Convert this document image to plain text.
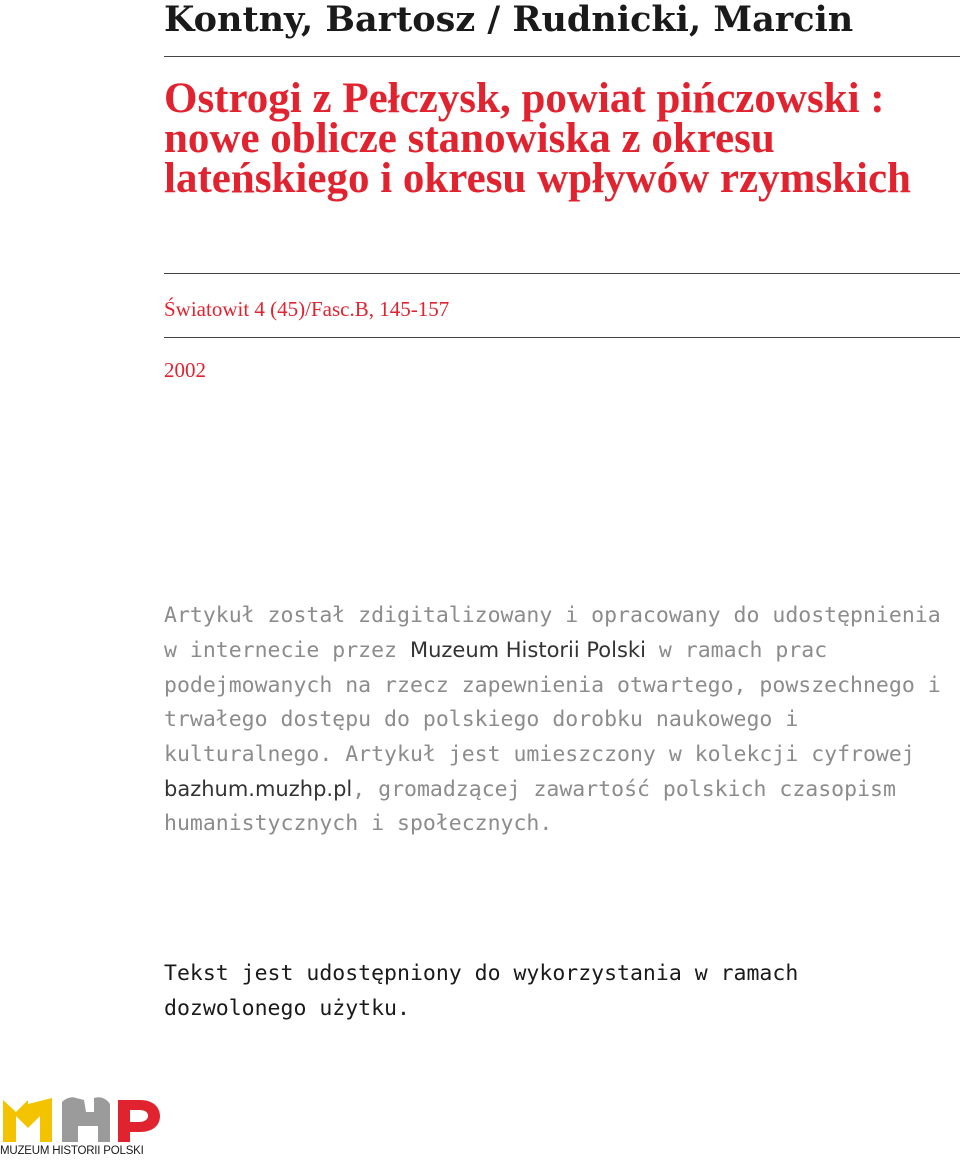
Kontny, Bartosz / Rudnicki, Marcin
Ostrogi z Pełczysk, powiat pińczowski : nowe oblicze stanowiska z okresu lateńskiego i okresu wpływów rzymskich
Światowit 4 (45)/Fasc.B, 145-157
2002

Artykuł został zdigitalizowany i opracowany do udostępnienia w internecie przez Muzeum Historii Polski w ramach prac podejmowanych na rzecz zapewnienia otwartego, powszechnego i trwałego dostępu do polskiego dorobku naukowego i kulturalnego. Artykuł jest umieszczony w kolekcji cyfrowej bazhum.muzhp.pl, gromadzącej zawartość polskich czasopism humanistycznych i społecznych.

Tekst jest udostępniony do wykorzystania w ramach dozwolonego użytku.

MUZEUM HISTORII POLSKI
